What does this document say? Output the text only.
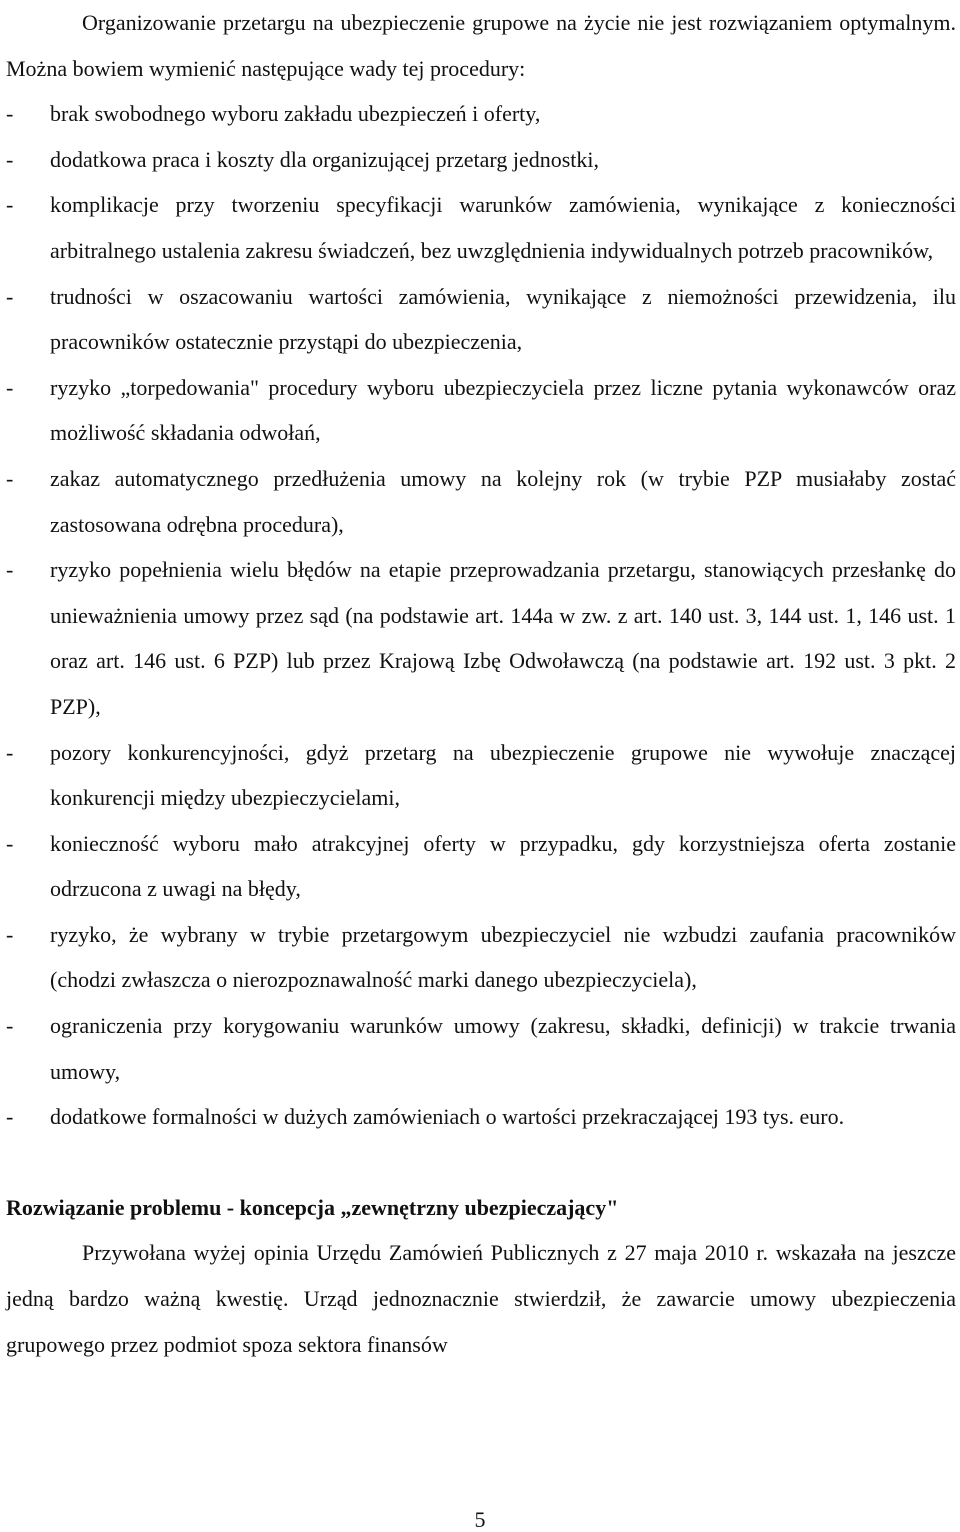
Organizowanie przetargu na ubezpieczenie grupowe na życie nie jest rozwiązaniem optymalnym. Można bowiem wymienić następujące wady tej procedury:

- brak swobodnego wyboru zakładu ubezpieczeń i oferty,
- dodatkowa praca i koszty dla organizującej przetarg jednostki,
- komplikacje przy tworzeniu specyfikacji warunków zamówienia, wynikające z konieczności arbitralnego ustalenia zakresu świadczeń, bez uwzględnienia indywidualnych potrzeb pracowników,
- trudności w oszacowaniu wartości zamówienia, wynikające z niemożności przewidzenia, ilu pracowników ostatecznie przystąpi do ubezpieczenia,
- ryzyko „torpedowania" procedury wyboru ubezpieczyciela przez liczne pytania wykonawców oraz możliwość składania odwołań,
- zakaz automatycznego przedłużenia umowy na kolejny rok (w trybie PZP musiałaby zostać zastosowana odrębna procedura),
- ryzyko popełnienia wielu błędów na etapie przeprowadzania przetargu, stanowiących przesłankę do unieważnienia umowy przez sąd (na podstawie art. 144a w zw. z art. 140 ust. 3, 144 ust. 1, 146 ust. 1 oraz art. 146 ust. 6 PZP) lub przez Krajową Izbę Odwoławczą (na podstawie art. 192 ust. 3 pkt. 2 PZP),
- pozory konkurencyjności, gdyż przetarg na ubezpieczenie grupowe nie wywołuje znaczącej konkurencji między ubezpieczycielami,
- konieczność wyboru mało atrakcyjnej oferty w przypadku, gdy korzystniejsza oferta zostanie odrzucona z uwagi na błędy,
- ryzyko, że wybrany w trybie przetargowym ubezpieczyciel nie wzbudzi zaufania pracowników (chodzi zwłaszcza o nierozpoznawalność marki danego ubezpieczyciela),
- ograniczenia przy korygowaniu warunków umowy (zakresu, składki, definicji) w trakcie trwania umowy,
- dodatkowe formalności w dużych zamówieniach o wartości przekraczającej 193 tys. euro.

Rozwiązanie problemu - koncepcja „zewnętrzny ubezpieczający"

Przywołana wyżej opinia Urzędu Zamówień Publicznych z 27 maja 2010 r. wskazała na jeszcze jedną bardzo ważną kwestię. Urząd jednoznacznie stwierdził, że zawarcie umowy ubezpieczenia grupowego przez podmiot spoza sektora finansów

5
